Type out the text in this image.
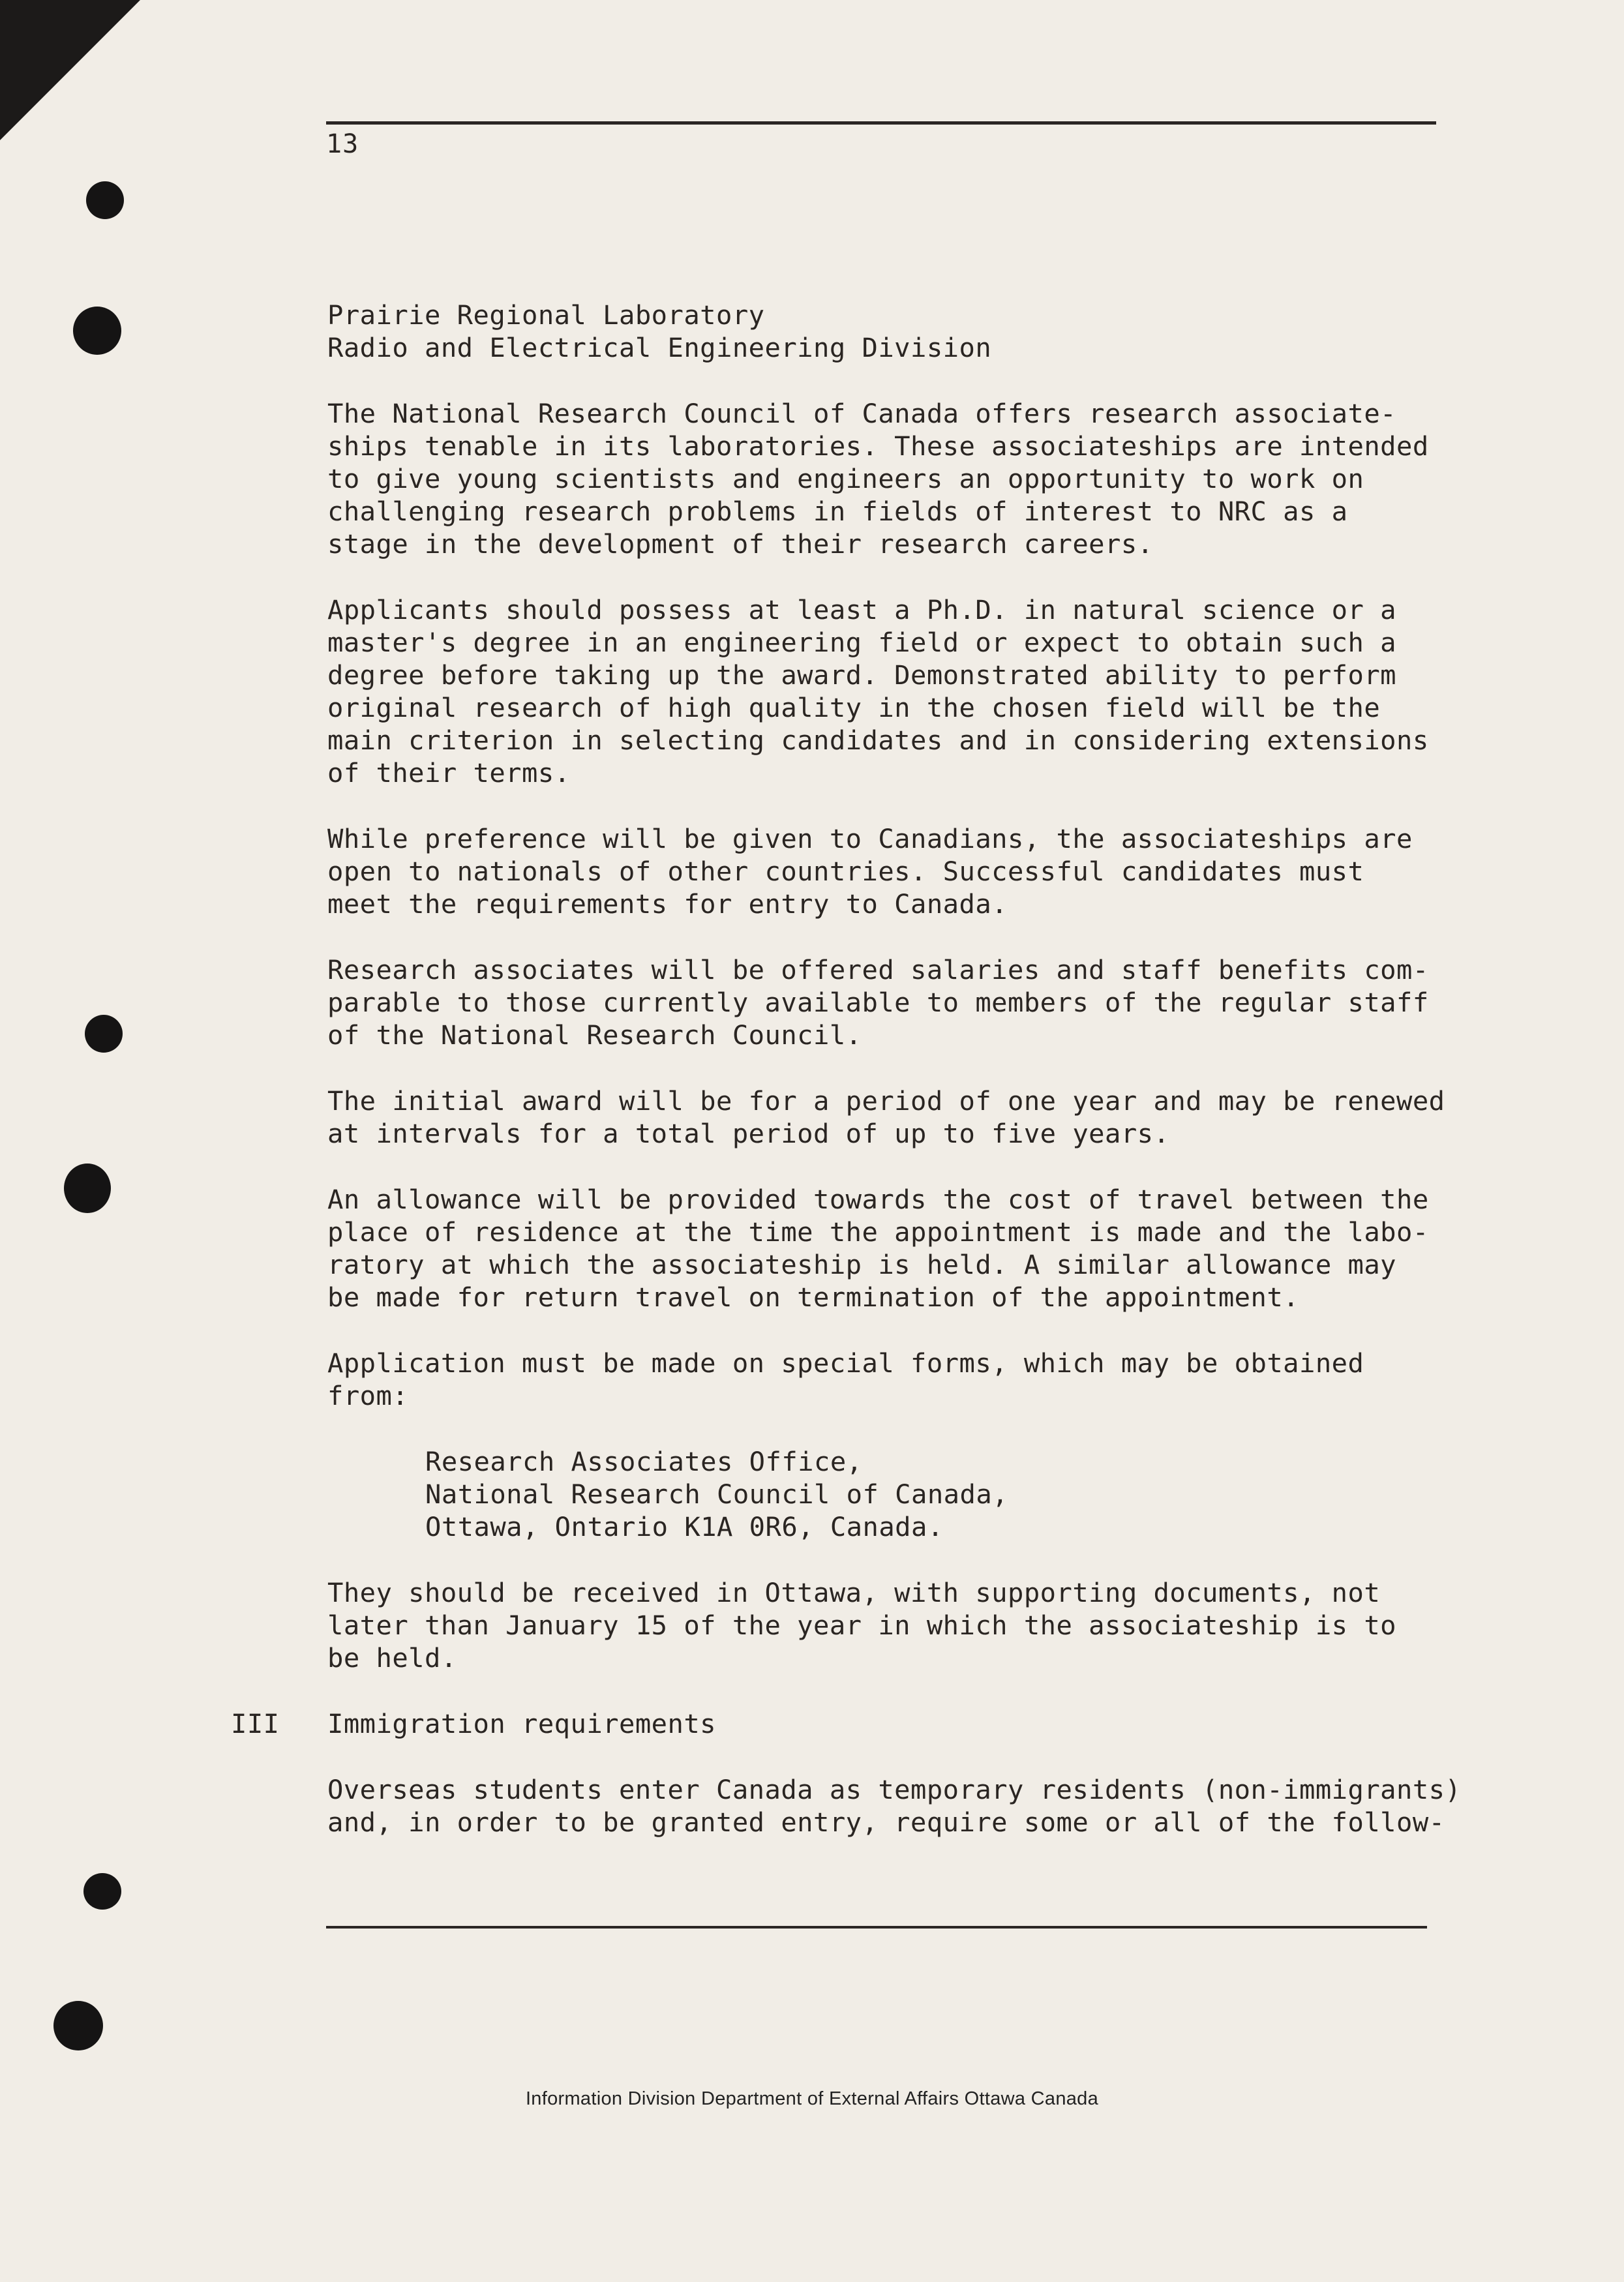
13
Prairie Regional Laboratory
Radio and Electrical Engineering Division
The National Research Council of Canada offers research associate-
ships tenable in its laboratories. These associateships are intended
to give young scientists and engineers an opportunity to work on
challenging research problems in fields of interest to NRC as a
stage in the development of their research careers.
Applicants should possess at least a Ph.D. in natural science or a
master's degree in an engineering field or expect to obtain such a
degree before taking up the award. Demonstrated ability to perform
original research of high quality in the chosen field will be the
main criterion in selecting candidates and in considering extensions
of their terms.
While preference will be given to Canadians, the associateships are
open to nationals of other countries. Successful candidates must
meet the requirements for entry to Canada.
Research associates will be offered salaries and staff benefits com-
parable to those currently available to members of the regular staff
of the National Research Council.
The initial award will be for a period of one year and may be renewed
at intervals for a total period of up to five years.
An allowance will be provided towards the cost of travel between the
place of residence at the time the appointment is made and the labo-
ratory at which the associateship is held. A similar allowance may
be made for return travel on termination of the appointment.
Application must be made on special forms, which may be obtained
from:
Research Associates Office,
National Research Council of Canada,
Ottawa, Ontario K1A 0R6, Canada.
They should be received in Ottawa, with supporting documents, not
later than January 15 of the year in which the associateship is to
be held.
III Immigration requirements
Overseas students enter Canada as temporary residents (non-immigrants)
and, in order to be granted entry, require some or all of the follow-
Information Division Department of External Affairs Ottawa Canada
